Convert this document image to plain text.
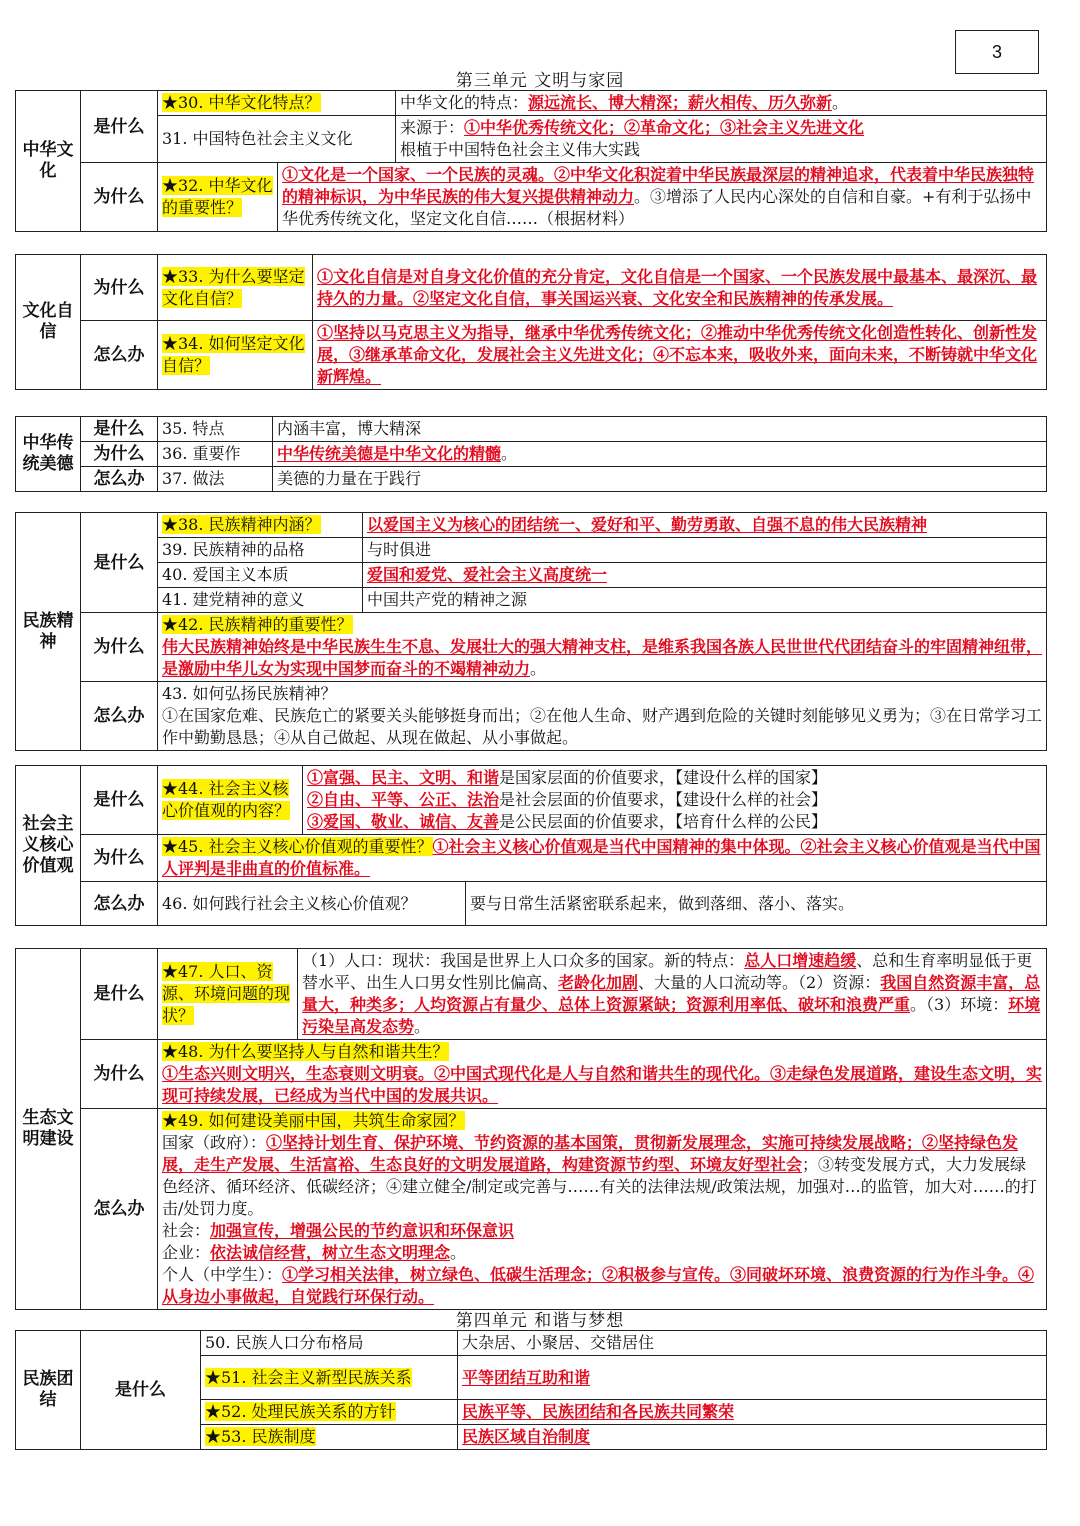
3
第三单元 文明与家园
中华文化	是什么	★30. 中华文化特点？		中华文化的特点：源远流长、博大精深；薪火相传、历久弥新。
		31. 中国特色社会主义文化		来源于：①中华优秀传统文化；②革命文化；③社会主义先进文化
根植于中国特色社会主义伟大实践

	为什么	★32. 中华文化的重要性？	①文化是一个国家、一个民族的灵魂。②中华文化积淀着中华民族最深层的精神追求，代表着中华民族独特的精神标识，为中华民族的伟大复兴提供精神动力。③增添了人民内心深处的自信和自豪。+有利于弘扬中华优秀传统文化，坚定文化自信……（根据材料）	
文化自信	为什么	★33. 为什么要坚定文化自信？	①文化自信是对自身文化价值的充分肯定，文化自信是一个国家、一个民族发展中最基本、最深沉、最持久的力量。②坚定文化自信，事关国运兴衰、文化安全和民族精神的传承发展。
	怎么办	★34. 如何坚定文化自信？	①坚持以马克思主义为指导，继承中华优秀传统文化；②推动中华优秀传统文化创造性转化、创新性发展，③继承革命文化，发展社会主义先进文化；④不忘本来，吸收外来，面向未来，不断铸就中华文化新辉煌。
中华传统美德	是什么	35. 特点	内涵丰富，博大精深
	为什么	36. 重要作	中华传统美德是中华文化的精髓。
	怎么办	37. 做法	美德的力量在于践行
民族精神	是什么	★38. 民族精神内涵？	以爱国主义为核心的团结统一、爱好和平、勤劳勇敢、自强不息的伟大民族精神
		39. 民族精神的品格	与时俱进
		40. 爱国主义本质	爱国和爱党、爱社会主义高度统一
		41. 建党精神的意义	中国共产党的精神之源
	为什么	★42. 民族精神的重要性？
伟大民族精神始终是中华民族生生不息、发展壮大的强大精神支柱，是维系我国各族人民世世代代团结奋斗的牢固精神纽带，是激励中华儿女为实现中国梦而奋斗的不竭精神动力。	
	怎么办	43. 如何弘扬民族精神？
①在国家危难、民族危亡的紧要关头能够挺身而出；②在他人生命、财产遇到危险的关键时刻能够见义勇为；③在日常学习工作中勤勤恳恳；④从自己做起、从现在做起、从小事做起。	
社会主义核心价值观	是什么	★44. 社会主义核心价值观的内容？	①富强、民主、文明、和谐是国家层面的价值要求，【建设什么样的国家】
②自由、平等、公正、法治是社会层面的价值要求，【建设什么样的社会】
③爱国、敬业、诚信、友善是公民层面的价值要求，【培育什么样的公民】	

	为什么	★45. 社会主义核心价值观的重要性？①社会主义核心价值观是当代中国精神的集中体现。②社会主义核心价值观是当代中国人评判是非曲直的价值标准。		
	怎么办	46. 如何践行社会主义核心价值观？		要与日常生活紧密联系起来，做到落细、落小、落实。
生态文明建设	是什么	★47. 人口、资源、环境问题的现状？	（1）人口：现状：我国是世界上人口众多的国家。新的特点：总人口增速趋缓、总和生育率明显低于更替水平、出生人口男女性别比偏高、老龄化加剧、大量的人口流动等。（2）资源：我国自然资源丰富，总量大，种类多；人均资源占有量少、总体上资源紧缺；资源利用率低、破坏和浪费严重。（3）环境：环境污染呈高发态势。
	为什么	★48. 为什么要坚持人与自然和谐共生？
①生态兴则文明兴，生态衰则文明衰。②中国式现代化是人与自然和谐共生的现代化。③走绿色发展道路，建设生态文明，实现可持续发展，已经成为当代中国的发展共识。	
	怎么办	★49. 如何建设美丽中国，共筑生命家园？
国家（政府）：①坚持计划生育、保护环境、节约资源的基本国策，贯彻新发展理念，实施可持续发展战略；②坚持绿色发展，走生产发展、生活富裕、生态良好的文明发展道路，构建资源节约型、环境友好型社会；③转变发展方式，大力发展绿色经济、循环经济、低碳经济；④建立健全/制定或完善与……有关的法律法规/政策法规，加强对…的监管，加大对……的打击/处罚力度。
社会：加强宣传，增强公民的节约意识和环保意识
企业：依法诚信经营，树立生态文明理念。
个人（中学生）：①学习相关法律，树立绿色、低碳生活理念；②积极参与宣传。③同破坏环境、浪费资源的行为作斗争。④从身边小事做起，自觉践行环保行动。	
第四单元 和谐与梦想
民族团结	是什么	50. 民族人口分布格局	大杂居、小聚居、交错居住
		★51. 社会主义新型民族关系	平等团结互助和谐
		★52. 处理民族关系的方针	民族平等、民族团结和各民族共同繁荣
		★53. 民族制度	民族区域自治制度
